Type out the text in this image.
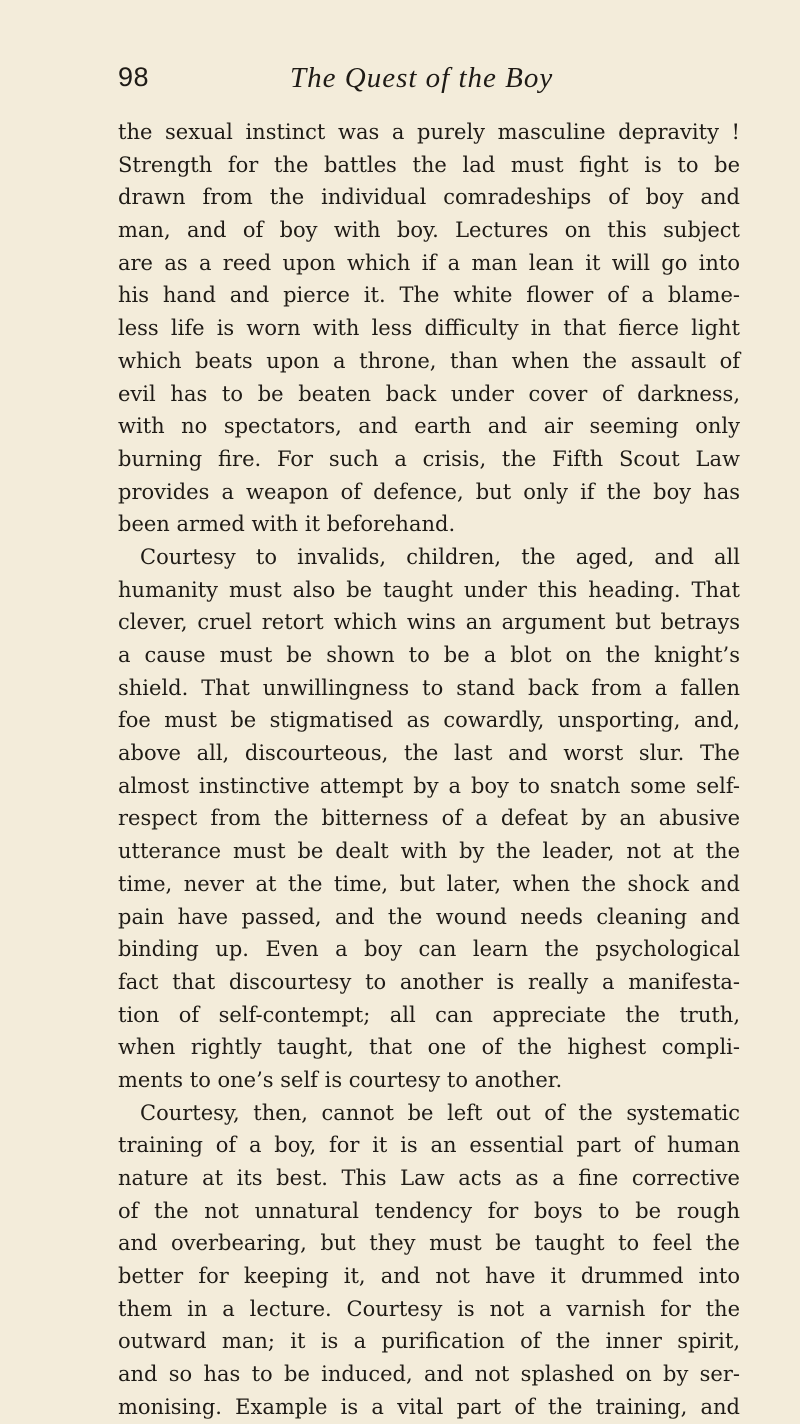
98	The Quest of the Boy
the sexual instinct was a purely masculine depravity !
Strength for the battles the lad must fight is to be
drawn from the individual comradeships of boy and
man, and of boy with boy. Lectures on this subject
are as a reed upon which if a man lean it will go into
his hand and pierce it. The white flower of a blame-
less life is worn with less difficulty in that fierce light
which beats upon a throne, than when the assault of
evil has to be beaten back under cover of darkness,
with no spectators, and earth and air seeming only
burning fire. For such a crisis, the Fifth Scout Law
provides a weapon of defence, but only if the boy has
been armed with it beforehand.
Courtesy to invalids, children, the aged, and all
humanity must also be taught under this heading. That
clever, cruel retort which wins an argument but betrays
a cause must be shown to be a blot on the knight’s
shield. That unwillingness to stand back from a fallen
foe must be stigmatised as cowardly, unsporting, and,
above all, discourteous, the last and worst slur. The
almost instinctive attempt by a boy to snatch some self-
respect from the bitterness of a defeat by an abusive
utterance must be dealt with by the leader, not at the
time, never at the time, but later, when the shock and
pain have passed, and the wound needs cleaning and
binding up. Even a boy can learn the psychological
fact that discourtesy to another is really a manifesta-
tion of self-contempt; all can appreciate the truth,
when rightly taught, that one of the highest compli-
ments to one’s self is courtesy to another.
Courtesy, then, cannot be left out of the systematic
training of a boy, for it is an essential part of human
nature at its best. This Law acts as a fine corrective
of the not unnatural tendency for boys to be rough
and overbearing, but they must be taught to feel the
better for keeping it, and not have it drummed into
them in a lecture. Courtesy is not a varnish for the
outward man; it is a purification of the inner spirit,
and so has to be induced, and not splashed on by ser-
monising. Example is a vital part of the training, and
